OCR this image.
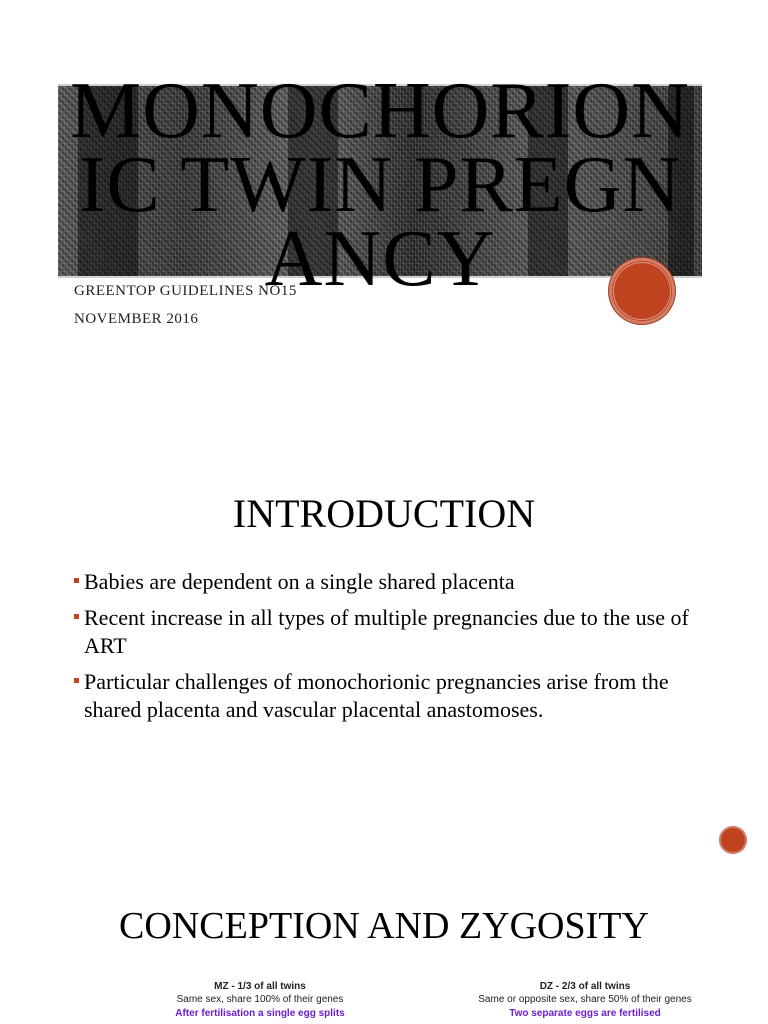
MONOCHORIONIC TWIN PREGNANCY
GREENTOP GUIDELINES NO15
NOVEMBER 2016
INTRODUCTION
Babies are dependent on a single shared placenta
Recent increase in all types of multiple pregnancies due to the use of ART
Particular challenges of monochorionic pregnancies arise from the shared placenta and vascular placental anastomoses.
CONCEPTION AND ZYGOSITY
MZ - 1/3 of all twins
Same sex, share 100% of their genes
After fertilisation a single egg splits
DZ - 2/3 of all twins
Same or opposite sex, share 50% of their genes
Two separate eggs are fertilised
